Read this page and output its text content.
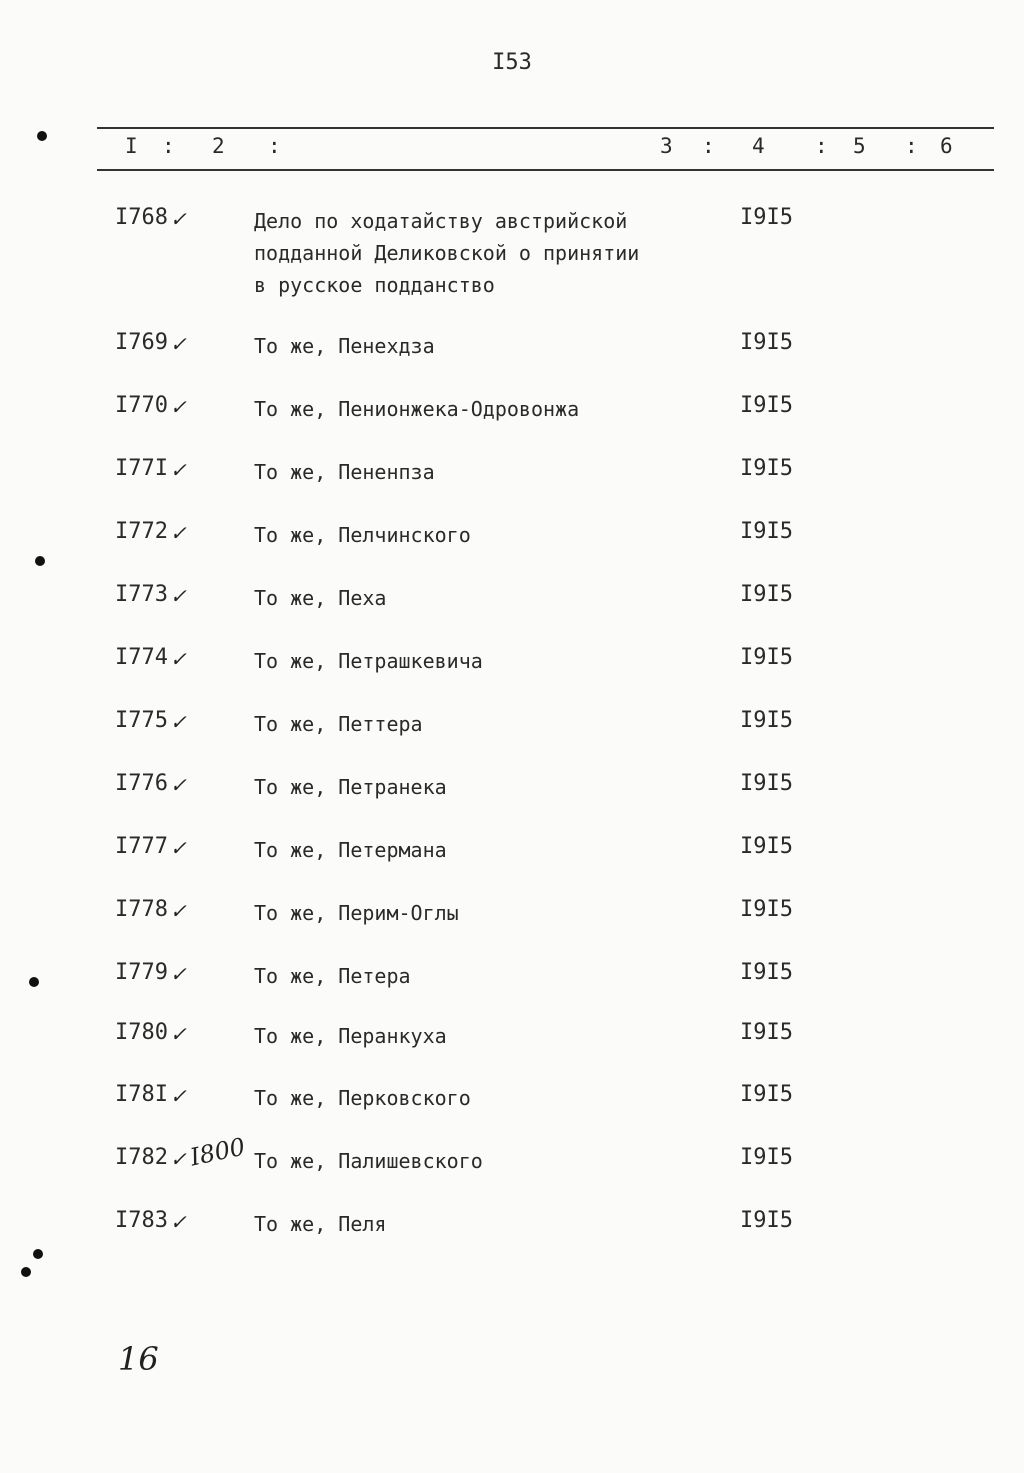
I53
I : 2 :	3 : 4 : 5 : 6
I768 ✓	Дело по ходатайству австрийской
подданной Деликовской о принятии
в русское подданство
I9I5
I769 ✓	То же, Пенехдза	I9I5
I770 ✓	То же, Пенионжека-Одровонжа	I9I5
I77I ✓	То же, Пененпза	I9I5
I772 ✓	То же, Пелчинского	I9I5
I773 ✓	То же, Пеха	I9I5
I774 ✓	То же, Петрашкевича	I9I5
I775 ✓	То же, Петтера	I9I5
I776 ✓	То же, Петранека	I9I5
I777 ✓	То же, Петермана	I9I5
I778 ✓	То же, Перим-Оглы	I9I5
I779 ✓	То же, Петера	I9I5
I780 ✓	То же, Перанкуха	I9I5
I78I ✓	То же, Перковского	I9I5
I782 ✓	То же, Палишевского	I9I5
I783 ✓	То же, Пеля	I9I5
I800
16
